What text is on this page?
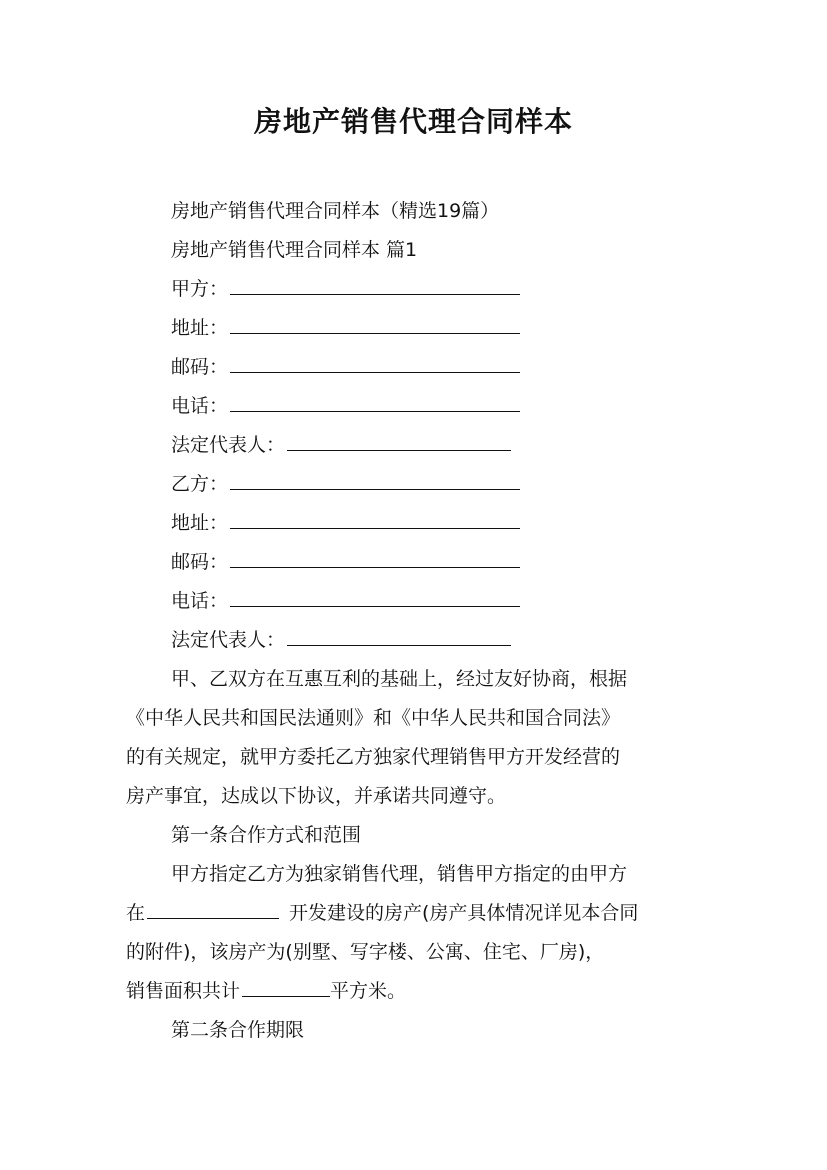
房地产销售代理合同样本
房地产销售代理合同样本（精选19篇）
房地产销售代理合同样本 篇1
甲方：
地址：
邮码：
电话：
法定代表人：
乙方：
地址：
邮码：
电话：
法定代表人：
甲、乙双方在互惠互利的基础上，经过友好协商，根据
《中华人民共和国民法通则》和《中华人民共和国合同法》
的有关规定，就甲方委托乙方独家代理销售甲方开发经营的
房产事宜，达成以下协议，并承诺共同遵守。
第一条合作方式和范围
甲方指定乙方为独家销售代理，销售甲方指定的由甲方
在	开发建设的房产(房产具体情况详见本合同
的附件)，该房产为(别墅、写字楼、公寓、住宅、厂房)，
销售面积共计	平方米。
第二条合作期限
